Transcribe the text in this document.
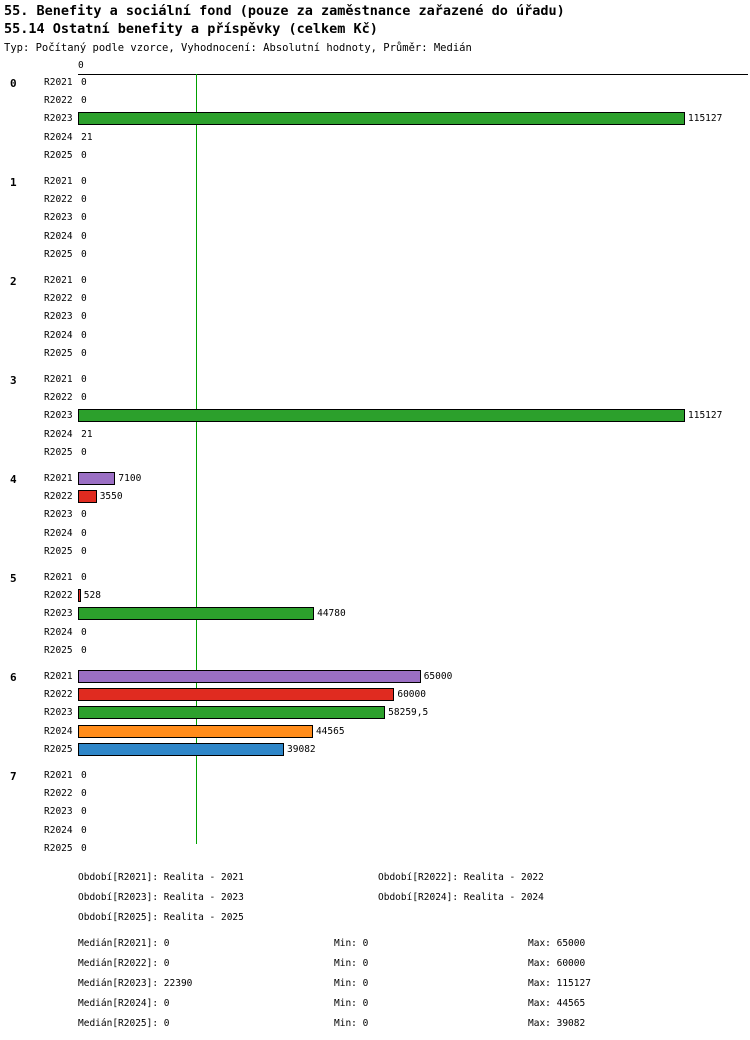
55. Benefity a sociální fond (pouze za zaměstnance zařazené do úřadu)
55.14 Ostatní benefity a příspěvky (celkem Kč)
Typ: Počítaný podle vzorce, Vyhodnocení: Absolutní hodnoty, Průměr: Medián
0
0	R2021 0
R2022 0
R2023	115127
R2024 21
R2025 0
1	R2021 0
R2022 0
R2023 0
R2024 0
R2025 0
2	R2021 0
R2022 0
R2023 0
R2024 0
R2025 0
3	R2021 0
R2022 0
R2023	115127
R2024 21
R2025 0
4	R2021	7100
R2022	3550
R2023 0
R2024 0
R2025 0
5	R2021 0
R2022 528
R2023	44780
R2024 0
R2025 0
6	R2021	65000
R2022	60000
R2023	58259,5
R2024	44565
R2025	39082
7	R2021 0
R2022 0
R2023 0
R2024 0
R2025 0
Období[R2021]: Realita - 2021	Období[R2022]: Realita - 2022
Období[R2023]: Realita - 2023	Období[R2024]: Realita - 2024
Období[R2025]: Realita - 2025
Medián[R2021]: 0	Min: 0	Max: 65000
Medián[R2022]: 0	Min: 0	Max: 60000
Medián[R2023]: 22390	Min: 0	Max: 115127
Medián[R2024]: 0	Min: 0	Max: 44565
Medián[R2025]: 0	Min: 0	Max: 39082
